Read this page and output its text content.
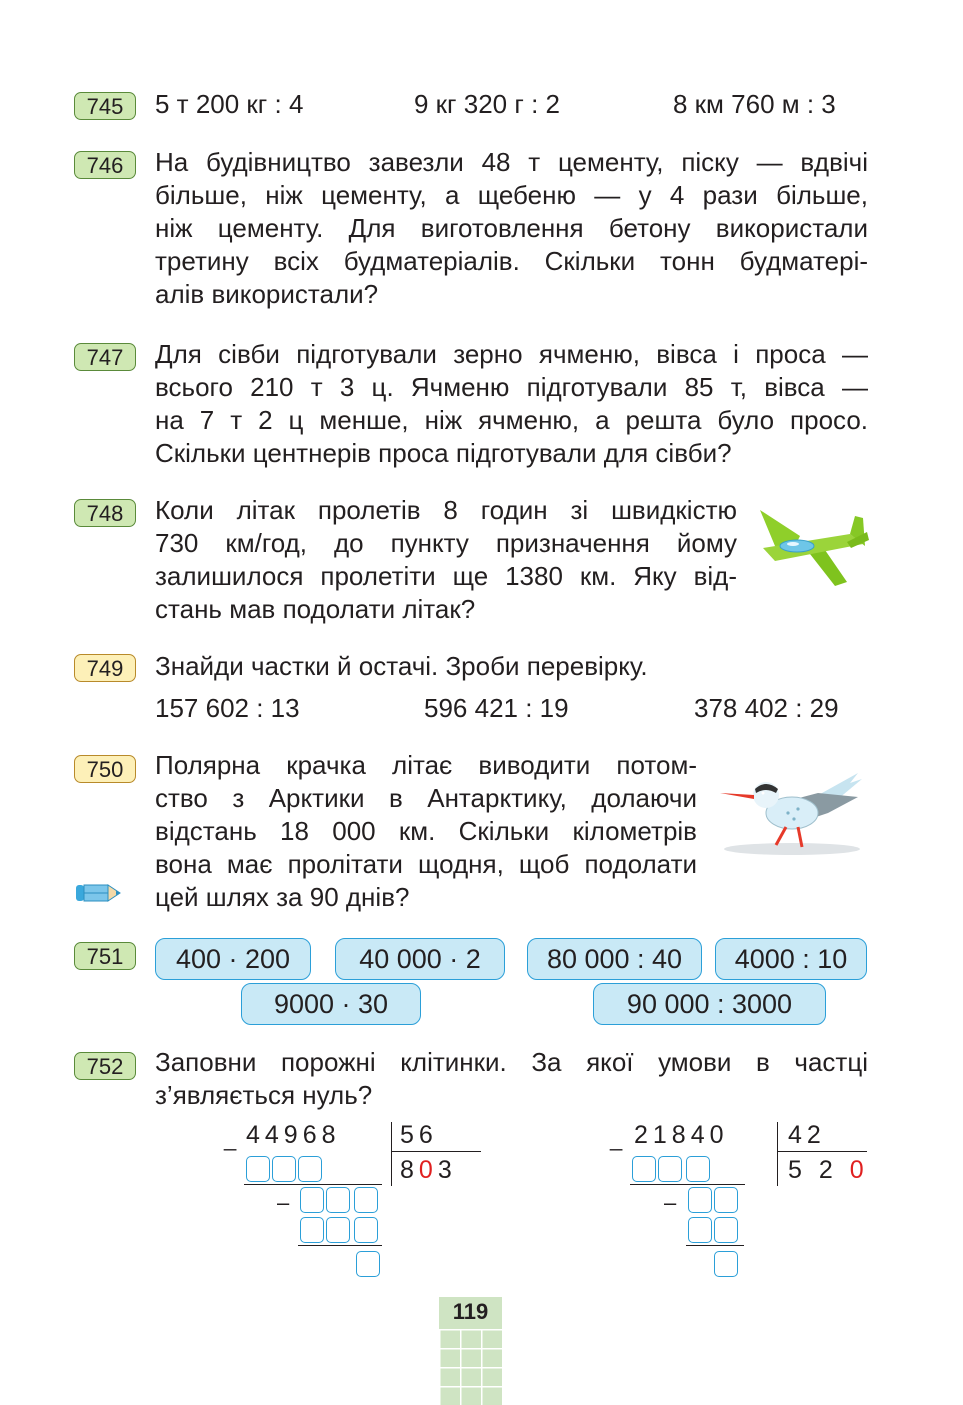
745	5 т 200 кг : 4	9 кг 320 г : 2	8 км 760 м : 3
746	На будівництво завезли 48 т цементу, піску — вдвічі
більше, ніж цементу, а щебеню — у 4 рази більше,
ніж цементу. Для виготовлення бетону використали
третину всіх будматеріалів. Скільки тонн будматері-
алів використали?
747	Для сівби підготували зерно ячменю, вівса і проса —
всього 210 т 3 ц. Ячменю підготували 85 т, вівса —
на 7 т 2 ц менше, ніж ячменю, а решта було просо.
Скільки центнерів проса підготували для сівби?
748	Коли літак пролетів 8 годин зі швидкістю
730 км/год, до пункту призначення йому
залишилося пролетіти ще 1380 км. Яку від-
стань мав подолати літак?
749	Знайди частки й остачі. Зроби перевірку.
157 602 : 13	596 421 : 19	378 402 : 29
750	Полярна крачка літає виводити потом-
ство з Арктики в Антарктику, долаючи
відстань 18 000 км. Скільки кілометрів
вона має пролітати щодня, щоб подолати
цей шлях за 90 днів?
751	400 · 200	40 000 · 2	80 000 : 40	4000 : 10
9000 · 30	90 000 : 3000
752	Заповни порожні клітинки. За якої умови в частці
з’являється нуль?
_ 44968 56
803
–
_ 21840 42
5 2 0
–
119
